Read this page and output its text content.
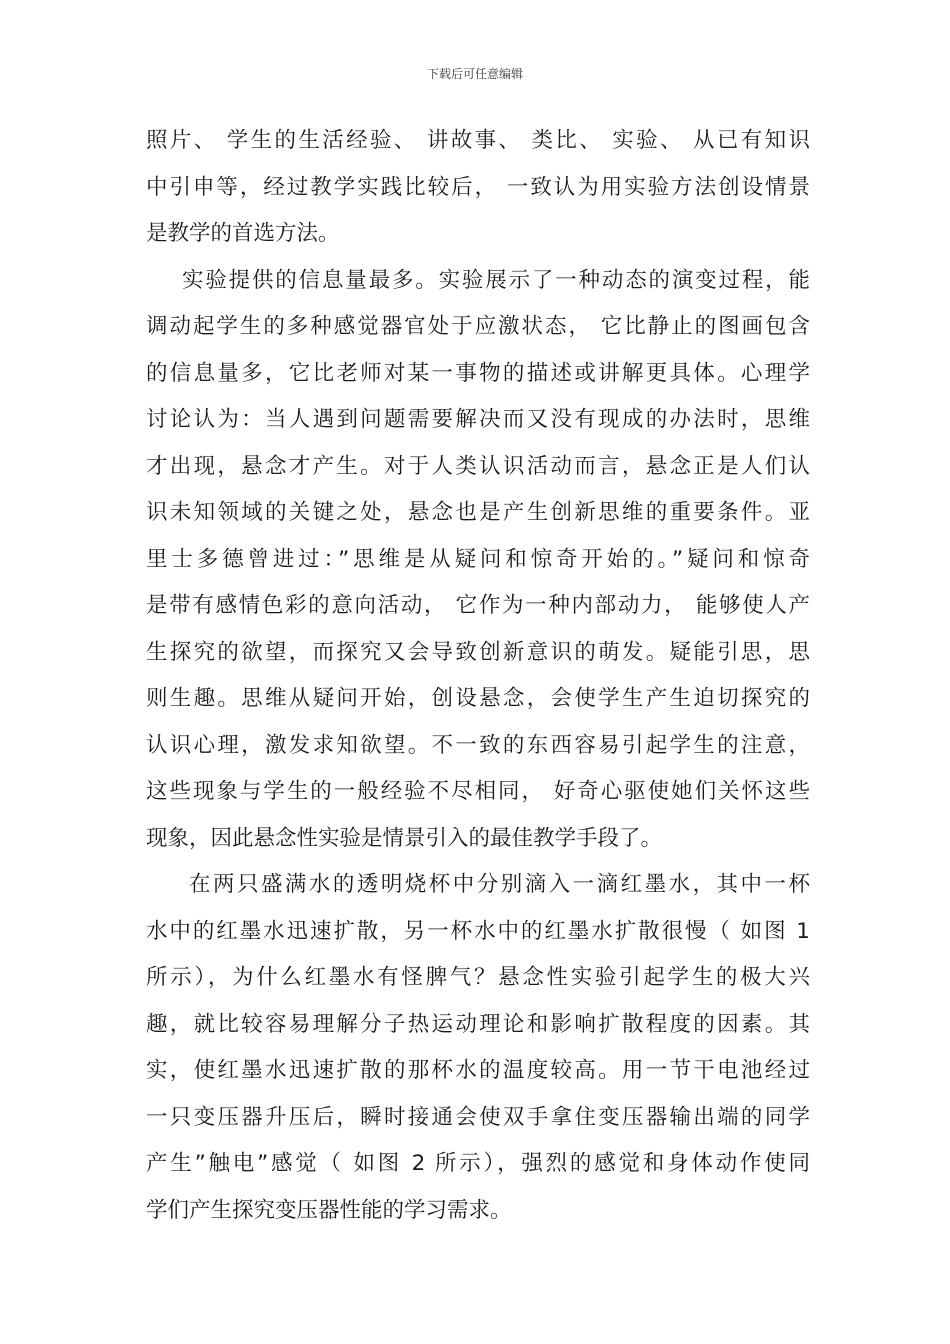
下载后可任意编辑
照片、 学生的生活经验、 讲故事、 类比、 实验、 从已有知识
中引申等，经过教学实践比较后， 一致认为用实验方法创设情景
是教学的首选方法。
实验提供的信息量最多。实验展示了一种动态的演变过程，能
调动起学生的多种感觉器官处于应激状态， 它比静止的图画包含
的信息量多，它比老师对某一事物的描述或讲解更具体。心理学
讨论认为：当人遇到问题需要解决而又没有现成的办法时，思维
才出现，悬念才产生。对于人类认识活动而言，悬念正是人们认
识未知领域的关键之处，悬念也是产生创新思维的重要条件。亚
里士多德曾进过：”思维是从疑问和惊奇开始的。”疑问和惊奇
是带有感情色彩的意向活动， 它作为一种内部动力， 能够使人产
生探究的欲望，而探究又会导致创新意识的萌发。疑能引思，思
则生趣。思维从疑问开始，创设悬念，会使学生产生迫切探究的
认识心理，激发求知欲望。不一致的东西容易引起学生的注意，
这些现象与学生的一般经验不尽相同， 好奇心驱使她们关怀这些
现象，因此悬念性实验是情景引入的最佳教学手段了。
在两只盛满水的透明烧杯中分别滴入一滴红墨水，其中一杯
水中的红墨水迅速扩散，另一杯水中的红墨水扩散很慢（ 如图 1
所示），为什么红墨水有怪脾气？悬念性实验引起学生的极大兴
趣，就比较容易理解分子热运动理论和影响扩散程度的因素。其
实，使红墨水迅速扩散的那杯水的温度较高。用一节干电池经过
一只变压器升压后，瞬时接通会使双手拿住变压器输出端的同学
产生”触电”感觉（ 如图 2 所示），强烈的感觉和身体动作使同
学们产生探究变压器性能的学习需求。
